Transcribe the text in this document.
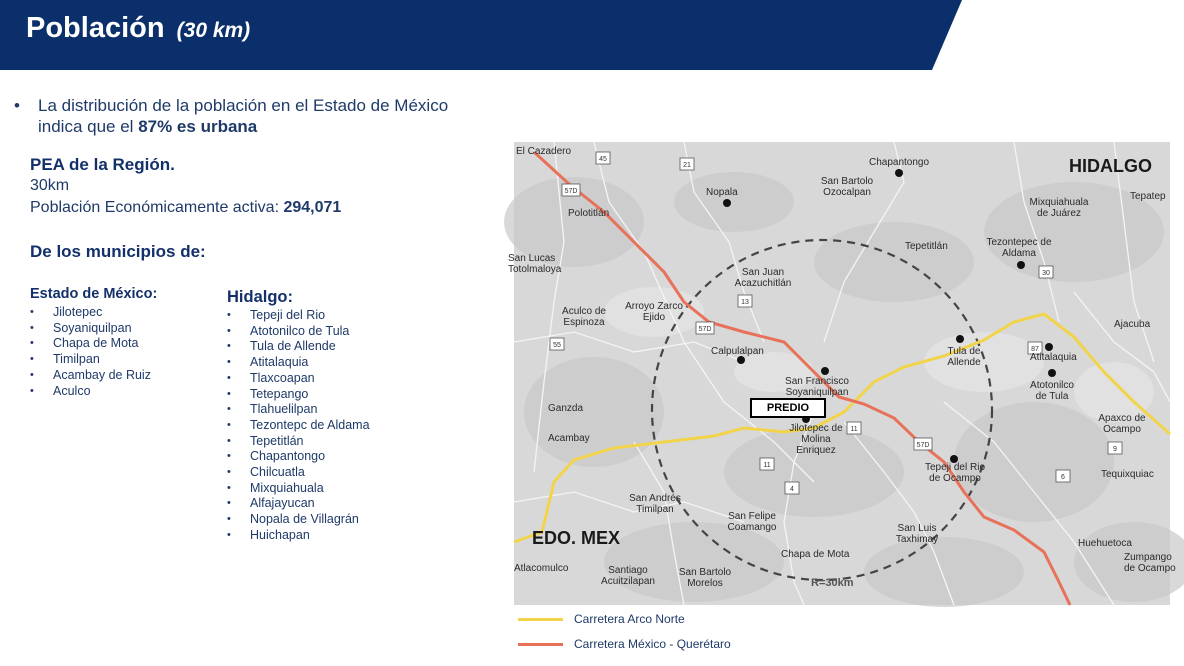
Población (30 km)
• La distribución de la población en el Estado de México indica que el 87% es urbana
PEA de la Región.
30km
Población Económicamente activa: 294,071
De los municipios de:
Estado de México:
• Jilotepec
• Soyaniquilpan
• Chapa de Mota
• Timilpan
• Acambay de Ruiz
• Aculco
Hidalgo:
• Tepeji del Rio
• Atotonilco de Tula
• Tula de Allende
• Atitalaquia
• Tlaxcoapan
• Tetepango
• Tlahuelilpan
• Tezontepc de Aldama
• Tepetitlán
• Chapantongo
• Chilcuatla
• Mixquiahuala
• Alfajayucan
• Nopala de Villagrán
• Huichapan
45
21
57D
13
57D
55
87
30
11
11
4
57D
9
6
El Cazadero
Chapantongo
Nopala
San Bartolo Ozocalpan
Polotitlán
Mixquiahuala de Juárez
Tepatep
Tepetitlán	Tezontepec de Aldama
San Lucas Totolmaloya	San Juan Acazuchitlán
Aculco de Espinoza
Arroyo Zarco Ejido
Ajacuba
Calpulalpan	Tula de Allende	Atitalaquia
San Francisco Soyaniquilpan
Atotonilco de Tula
Ganzda
Apaxco de Ocampo
Acambay
Jilotepec de Molina Enriquez
Tepeji del Rio de Ocampo	Tequixquiac
San Andrés Timilpan
San Felipe Coamango	San Luis Taxhimay	Huehuetoca
Chapa de Mota	Zumpango de Ocampo
Atlacomulco	Santiago Acuitzilapan
San Bartolo Morelos
HIDALGO
EDO. MEX
PREDIO
R=30km
Carretera Arco Norte
Carretera México - Querétaro
